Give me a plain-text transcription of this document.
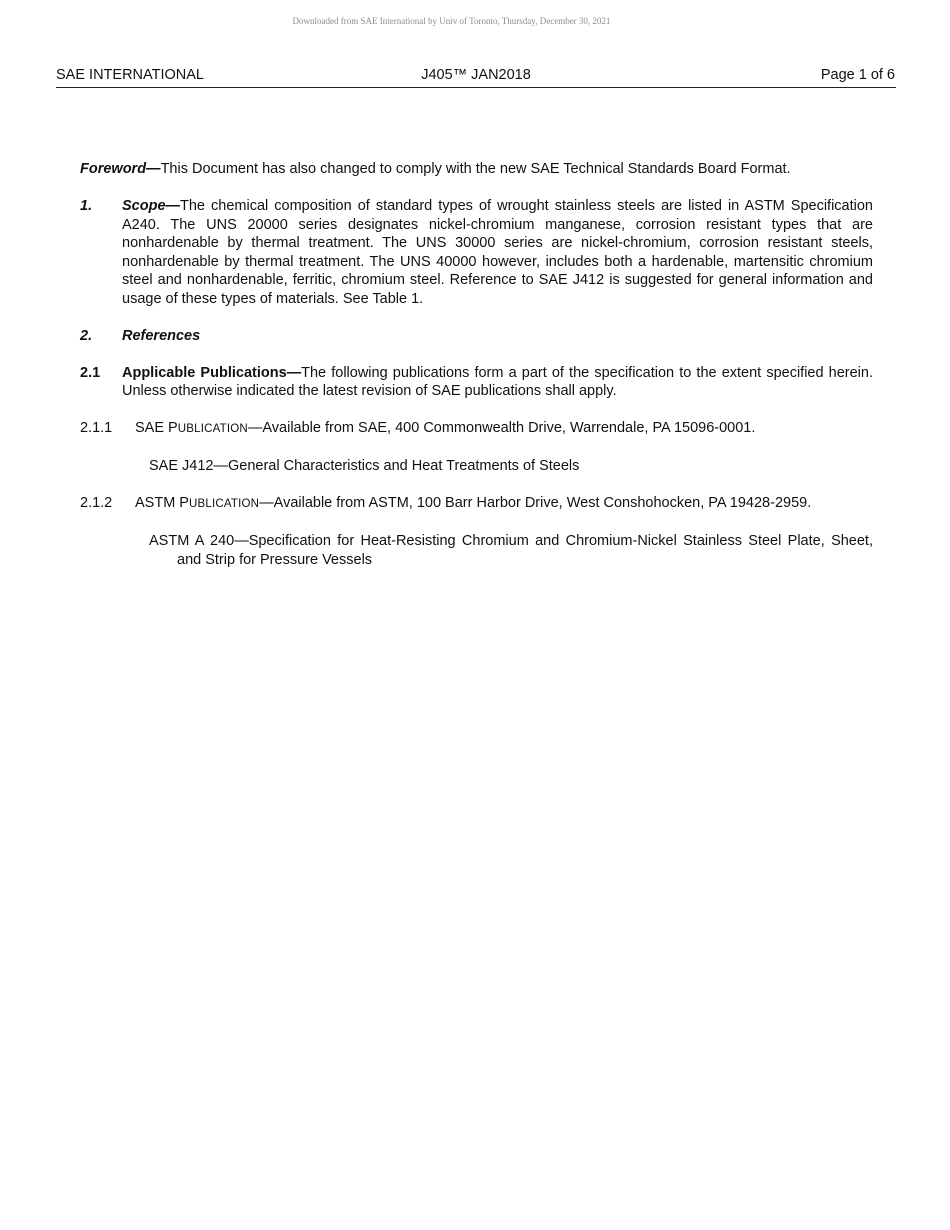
Downloaded from SAE International by Univ of Toronto, Thursday, December 30, 2021
SAE INTERNATIONAL	J405™ JAN2018	Page 1 of 6

Foreword—This Document has also changed to comply with the new SAE Technical Standards Board Format.

1. Scope—The chemical composition of standard types of wrought stainless steels are listed in ASTM Specification A240. The UNS 20000 series designates nickel-chromium manganese, corrosion resistant types that are nonhardenable by thermal treatment. The UNS 30000 series are nickel-chromium, corrosion resistant steels, nonhardenable by thermal treatment. The UNS 40000 however, includes both a hardenable, martensitic chromium steel and nonhardenable, ferritic, chromium steel. Reference to SAE J412 is suggested for general information and usage of these types of materials. See Table 1.

2. References

2.1 Applicable Publications—The following publications form a part of the specification to the extent specified herein. Unless otherwise indicated the latest revision of SAE publications shall apply.

2.1.1 SAE PUBLICATION—Available from SAE, 400 Commonwealth Drive, Warrendale, PA 15096-0001.

SAE J412—General Characteristics and Heat Treatments of Steels

2.1.2 ASTM PUBLICATION—Available from ASTM, 100 Barr Harbor Drive, West Conshohocken, PA 19428-2959.

ASTM A 240—Specification for Heat-Resisting Chromium and Chromium-Nickel Stainless Steel Plate, Sheet, and Strip for Pressure Vessels
